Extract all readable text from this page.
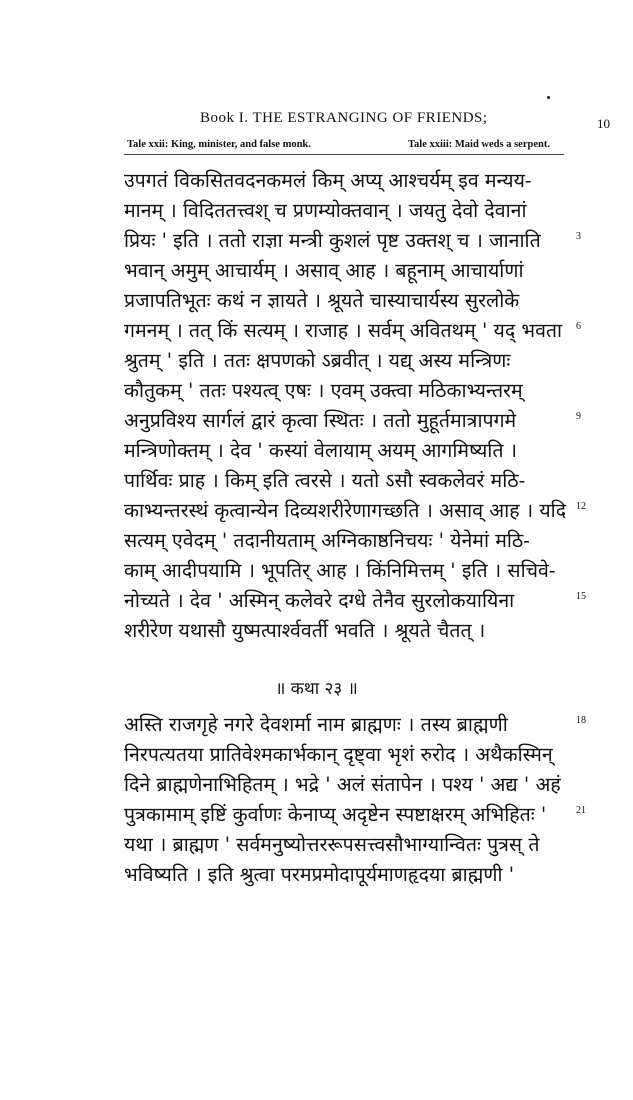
Book I. THE ESTRANGING OF FRIENDS;	10
Tale xxii: King, minister, and false monk.	Tale xxiii: Maid weds a serpent.
उपगतं विकसितवदनकमलं किम् अप्य् आश्चर्यम् इव मन्यय-
मानम् । विदिततत्त्वश् च प्रणम्योक्तवान् । जयतु देवो देवानां
प्रियः ' इति । ततो राज्ञा मन्त्री कुशलं पृष्ट उक्तश् च । जानाति	3
भवान् अमुम् आचार्यम् । असाव् आह । बहूनाम् आचार्याणां
प्रजापतिभूतः कथं न ज्ञायते । श्रूयते चास्याचार्यस्य सुरलोके
गमनम् । तत् किं सत्यम् । राजाह । सर्वम् अवितथम् ' यद् भवता	6
श्रुतम् ' इति । ततः क्षपणको ऽब्रवीत् । यद्य् अस्य मन्त्रिणः
कौतुकम् ' ततः पश्यत्व् एषः । एवम् उक्त्वा मठिकाभ्यन्तरम्
अनुप्रविश्य सार्गलं द्वारं कृत्वा स्थितः । ततो मुहूर्तमात्रापगमे	9
मन्त्रिणोक्तम् । देव ' कस्यां वेलायाम् अयम् आगमिष्यति ।
पार्थिवः प्राह । किम् इति त्वरसे । यतो ऽसौ स्वकलेवरं मठि-
काभ्यन्तरस्थं कृत्वान्येन दिव्यशरीरेणागच्छति । असाव् आह । यदि 12
सत्यम् एवेदम् ' तदानीयताम् अग्निकाष्ठनिचयः ' येनेमां मठि-
काम् आदीपयामि । भूपतिर् आह । किंनिमित्तम् ' इति । सचिवे-
नोच्यते । देव ' अस्मिन् कलेवरे दग्धे तेनैव सुरलोकयायिना	15
शरीरेण यथासौ युष्मत्पार्श्ववर्ती भवति । श्रूयते चैतत् ।
॥ कथा २३ ॥
अस्ति राजगृहे नगरे देवशर्मा नाम ब्राह्मणः । तस्य ब्राह्मणी	18
निरपत्यतया प्रातिवेश्मकार्भकान् दृष्ट्वा भृशं रुरोद । अथैकस्मिन्
दिने ब्राह्मणेनाभिहितम् । भद्रे ' अलं संतापेन । पश्य ' अद्य ' अहं
पुत्रकामाम् इष्टिं कुर्वाणः केनाप्य् अदृष्टेन स्पष्टाक्षरम् अभिहितः '	21
यथा । ब्राह्मण ' सर्वमनुष्योत्तररूपसत्त्वसौभाग्यान्वितः पुत्रस् ते
भविष्यति । इति श्रुत्वा परमप्रमोदापूर्यमाणहृदया ब्राह्मणी '
